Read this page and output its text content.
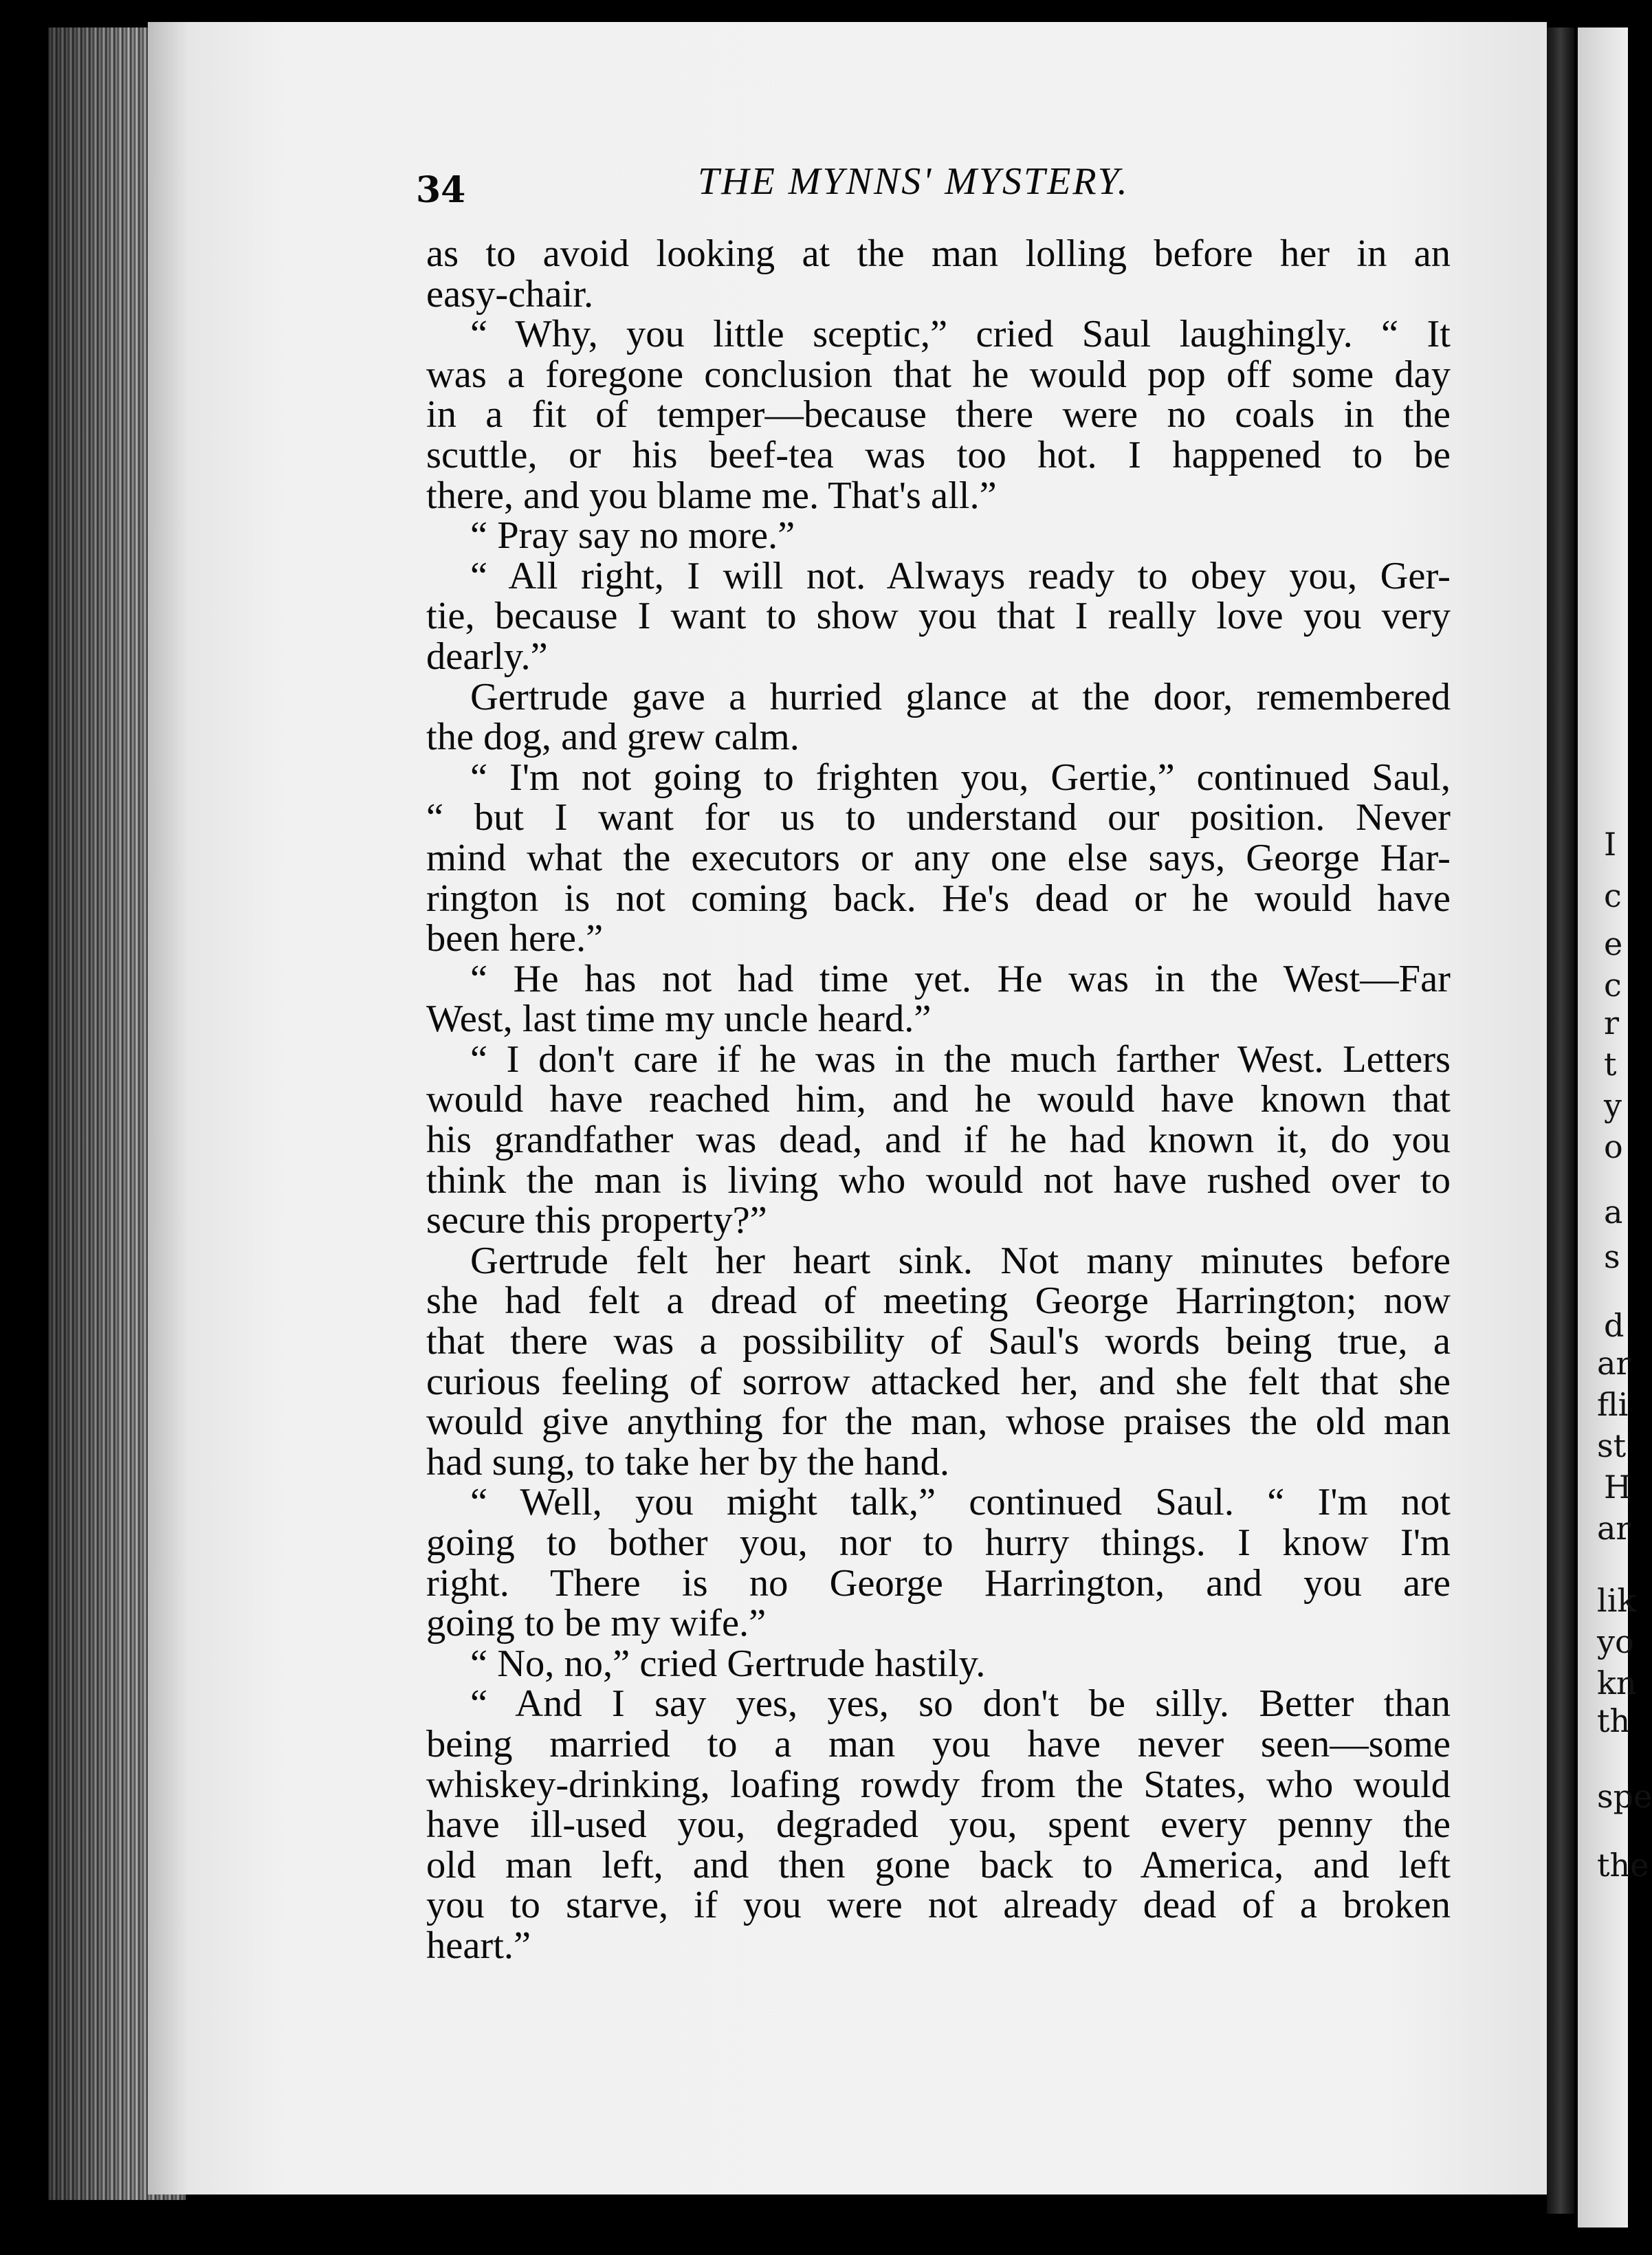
I
c
e
c
r
t
y
o
a
s
d
ar
fli
st
H
ar
lik
yo
kn
th
spe
the
34	THE MYNNS' MYSTERY.
as to avoid looking at the man lolling before her in an
easy-chair.
“ Why, you little sceptic,” cried Saul laughingly. “ It
was a foregone conclusion that he would pop off some day
in a fit of temper—because there were no coals in the
scuttle, or his beef-tea was too hot. I happened to be
there, and you blame me. That's all.”
“ Pray say no more.”
“ All right, I will not. Always ready to obey you, Ger-
tie, because I want to show you that I really love you very
dearly.”
Gertrude gave a hurried glance at the door, remembered
the dog, and grew calm.
“ I'm not going to frighten you, Gertie,” continued Saul,
“ but I want for us to understand our position. Never
mind what the executors or any one else says, George Har-
rington is not coming back. He's dead or he would have
been here.”
“ He has not had time yet. He was in the West—Far
West, last time my uncle heard.”
“ I don't care if he was in the much farther West. Letters
would have reached him, and he would have known that
his grandfather was dead, and if he had known it, do you
think the man is living who would not have rushed over to
secure this property?”
Gertrude felt her heart sink. Not many minutes before
she had felt a dread of meeting George Harrington; now
that there was a possibility of Saul's words being true, a
curious feeling of sorrow attacked her, and she felt that she
would give anything for the man, whose praises the old man
had sung, to take her by the hand.
“ Well, you might talk,” continued Saul. “ I'm not
going to bother you, nor to hurry things. I know I'm
right. There is no George Harrington, and you are
going to be my wife.”
“ No, no,” cried Gertrude hastily.
“ And I say yes, yes, so don't be silly. Better than
being married to a man you have never seen—some
whiskey-drinking, loafing rowdy from the States, who would
have ill-used you, degraded you, spent every penny the
old man left, and then gone back to America, and left
you to starve, if you were not already dead of a broken
heart.”
